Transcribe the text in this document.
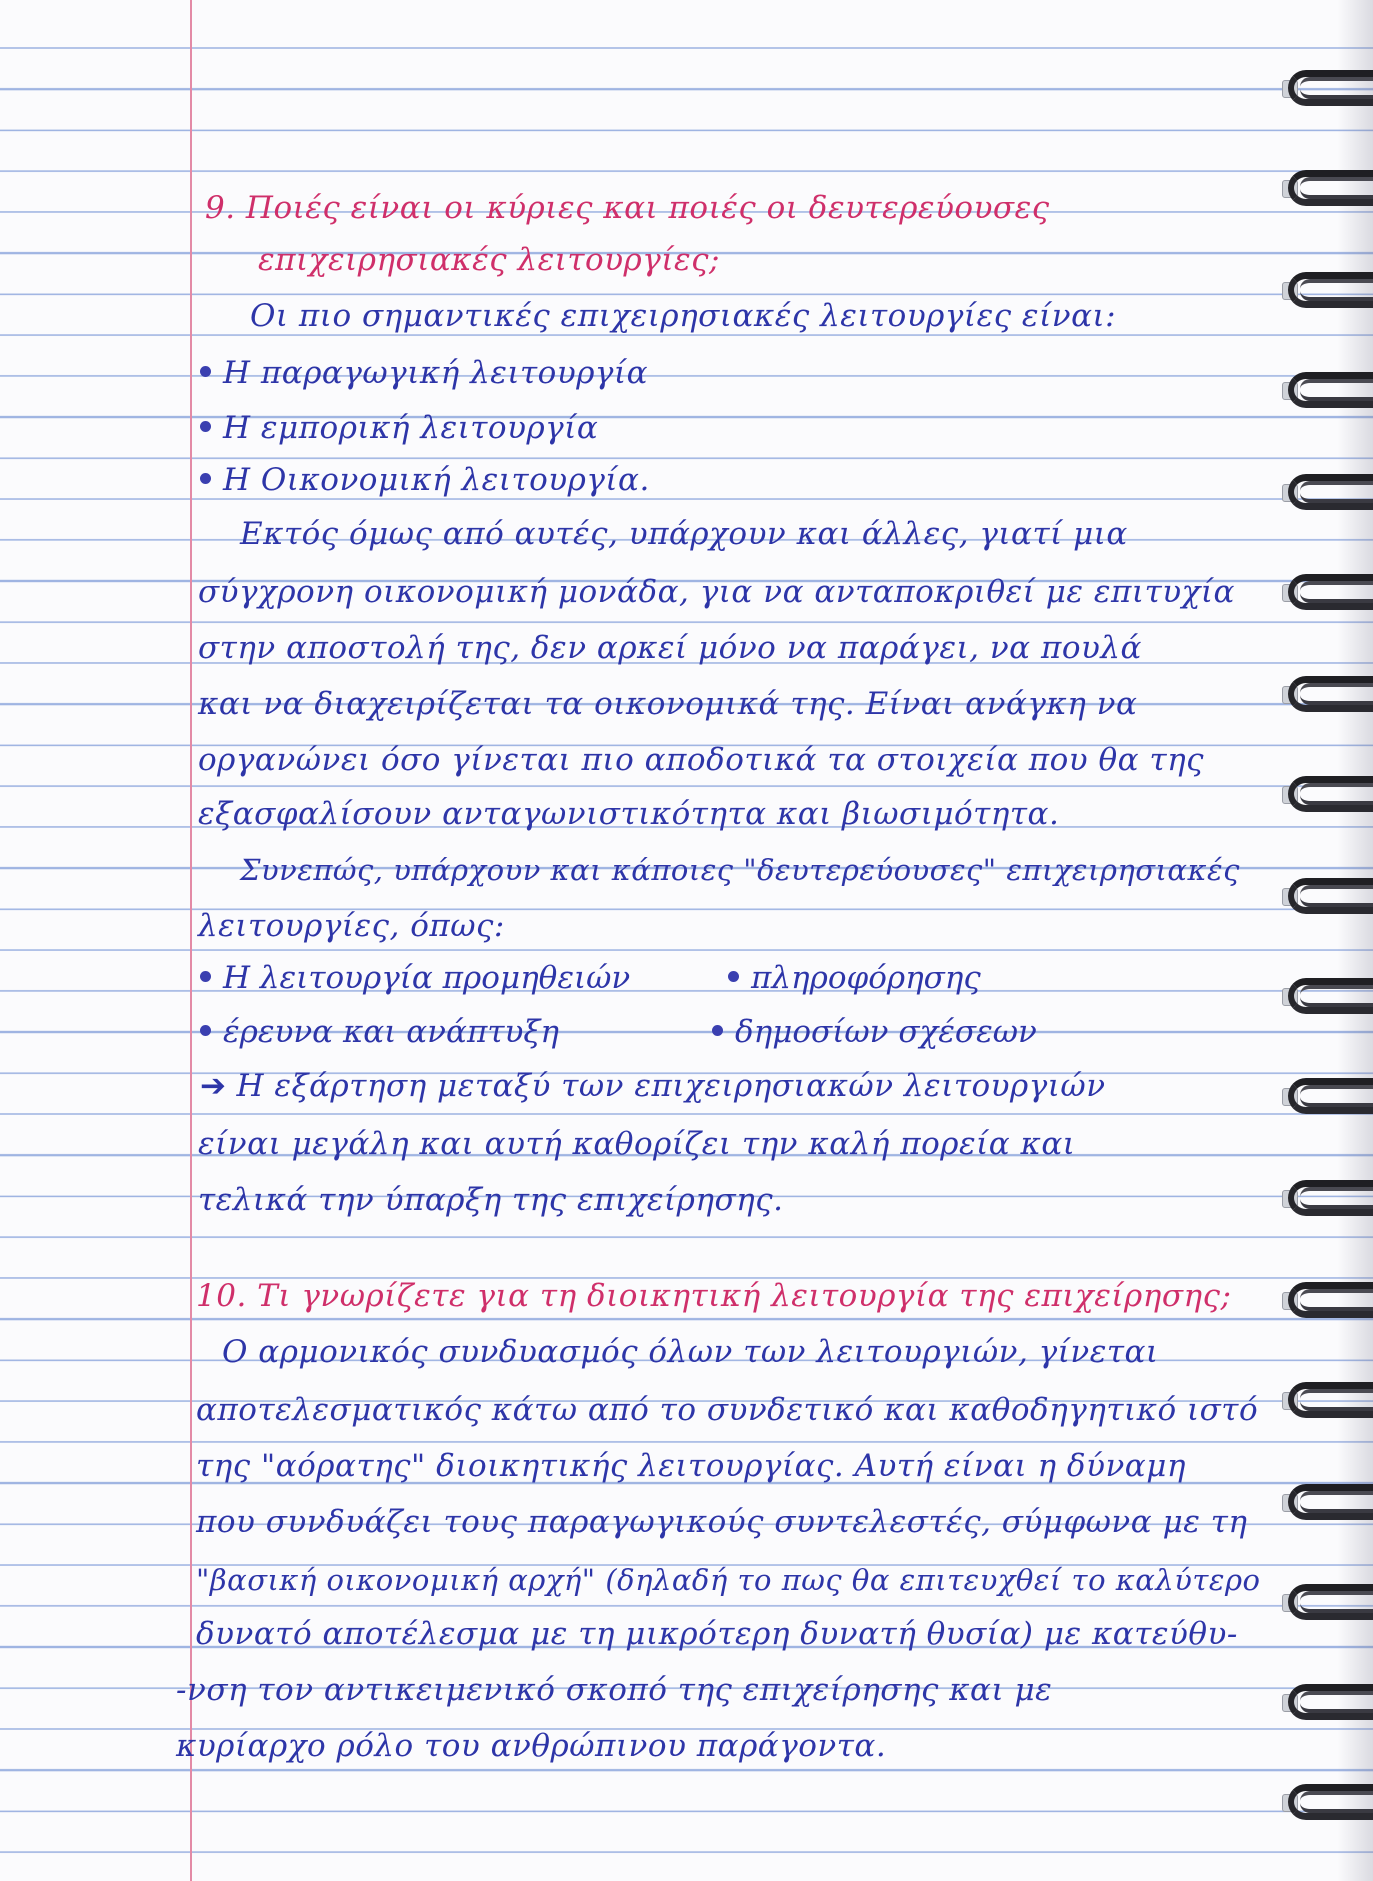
9. Ποιές είναι οι κύριες και ποιές οι δευτερεύουσες
επιχειρησιακές λειτουργίες;
Οι πιο σημαντικές επιχειρησιακές λειτουργίες είναι:
Η παραγωγική λειτουργία
Η εμπορική λειτουργία
Η Οικονομική λειτουργία.
Εκτός όμως από αυτές, υπάρχουν και άλλες, γιατί μια
σύγχρονη οικονομική μονάδα, για να ανταποκριθεί με επιτυχία
στην αποστολή της, δεν αρκεί μόνο να παράγει, να πουλά
και να διαχειρίζεται τα οικονομικά της. Είναι ανάγκη να
οργανώνει όσο γίνεται πιο αποδοτικά τα στοιχεία που θα της
εξασφαλίσουν ανταγωνιστικότητα και βιωσιμότητα.
Συνεπώς, υπάρχουν και κάποιες "δευτερεύουσες" επιχειρησιακές
λειτουργίες, όπως:
Η λειτουργία προμηθειών
έρευνα και ανάπτυξη
πληροφόρησης
δημοσίων σχέσεων
➔ Η εξάρτηση μεταξύ των επιχειρησιακών λειτουργιών
είναι μεγάλη και αυτή καθορίζει την καλή πορεία και
τελικά την ύπαρξη της επιχείρησης.
10. Τι γνωρίζετε για τη διοικητική λειτουργία της επιχείρησης;
Ο αρμονικός συνδυασμός όλων των λειτουργιών, γίνεται
αποτελεσματικός κάτω από το συνδετικό και καθοδηγητικό ιστό
της "αόρατης" διοικητικής λειτουργίας. Αυτή είναι η δύναμη
που συνδυάζει τους παραγωγικούς συντελεστές, σύμφωνα με τη
"βασική οικονομική αρχή" (δηλαδή το πως θα επιτευχθεί το καλύτερο
δυνατό αποτέλεσμα με τη μικρότερη δυνατή θυσία) με κατεύθυ-
-νση τον αντικειμενικό σκοπό της επιχείρησης και με
κυρίαρχο ρόλο του ανθρώπινου παράγοντα.
